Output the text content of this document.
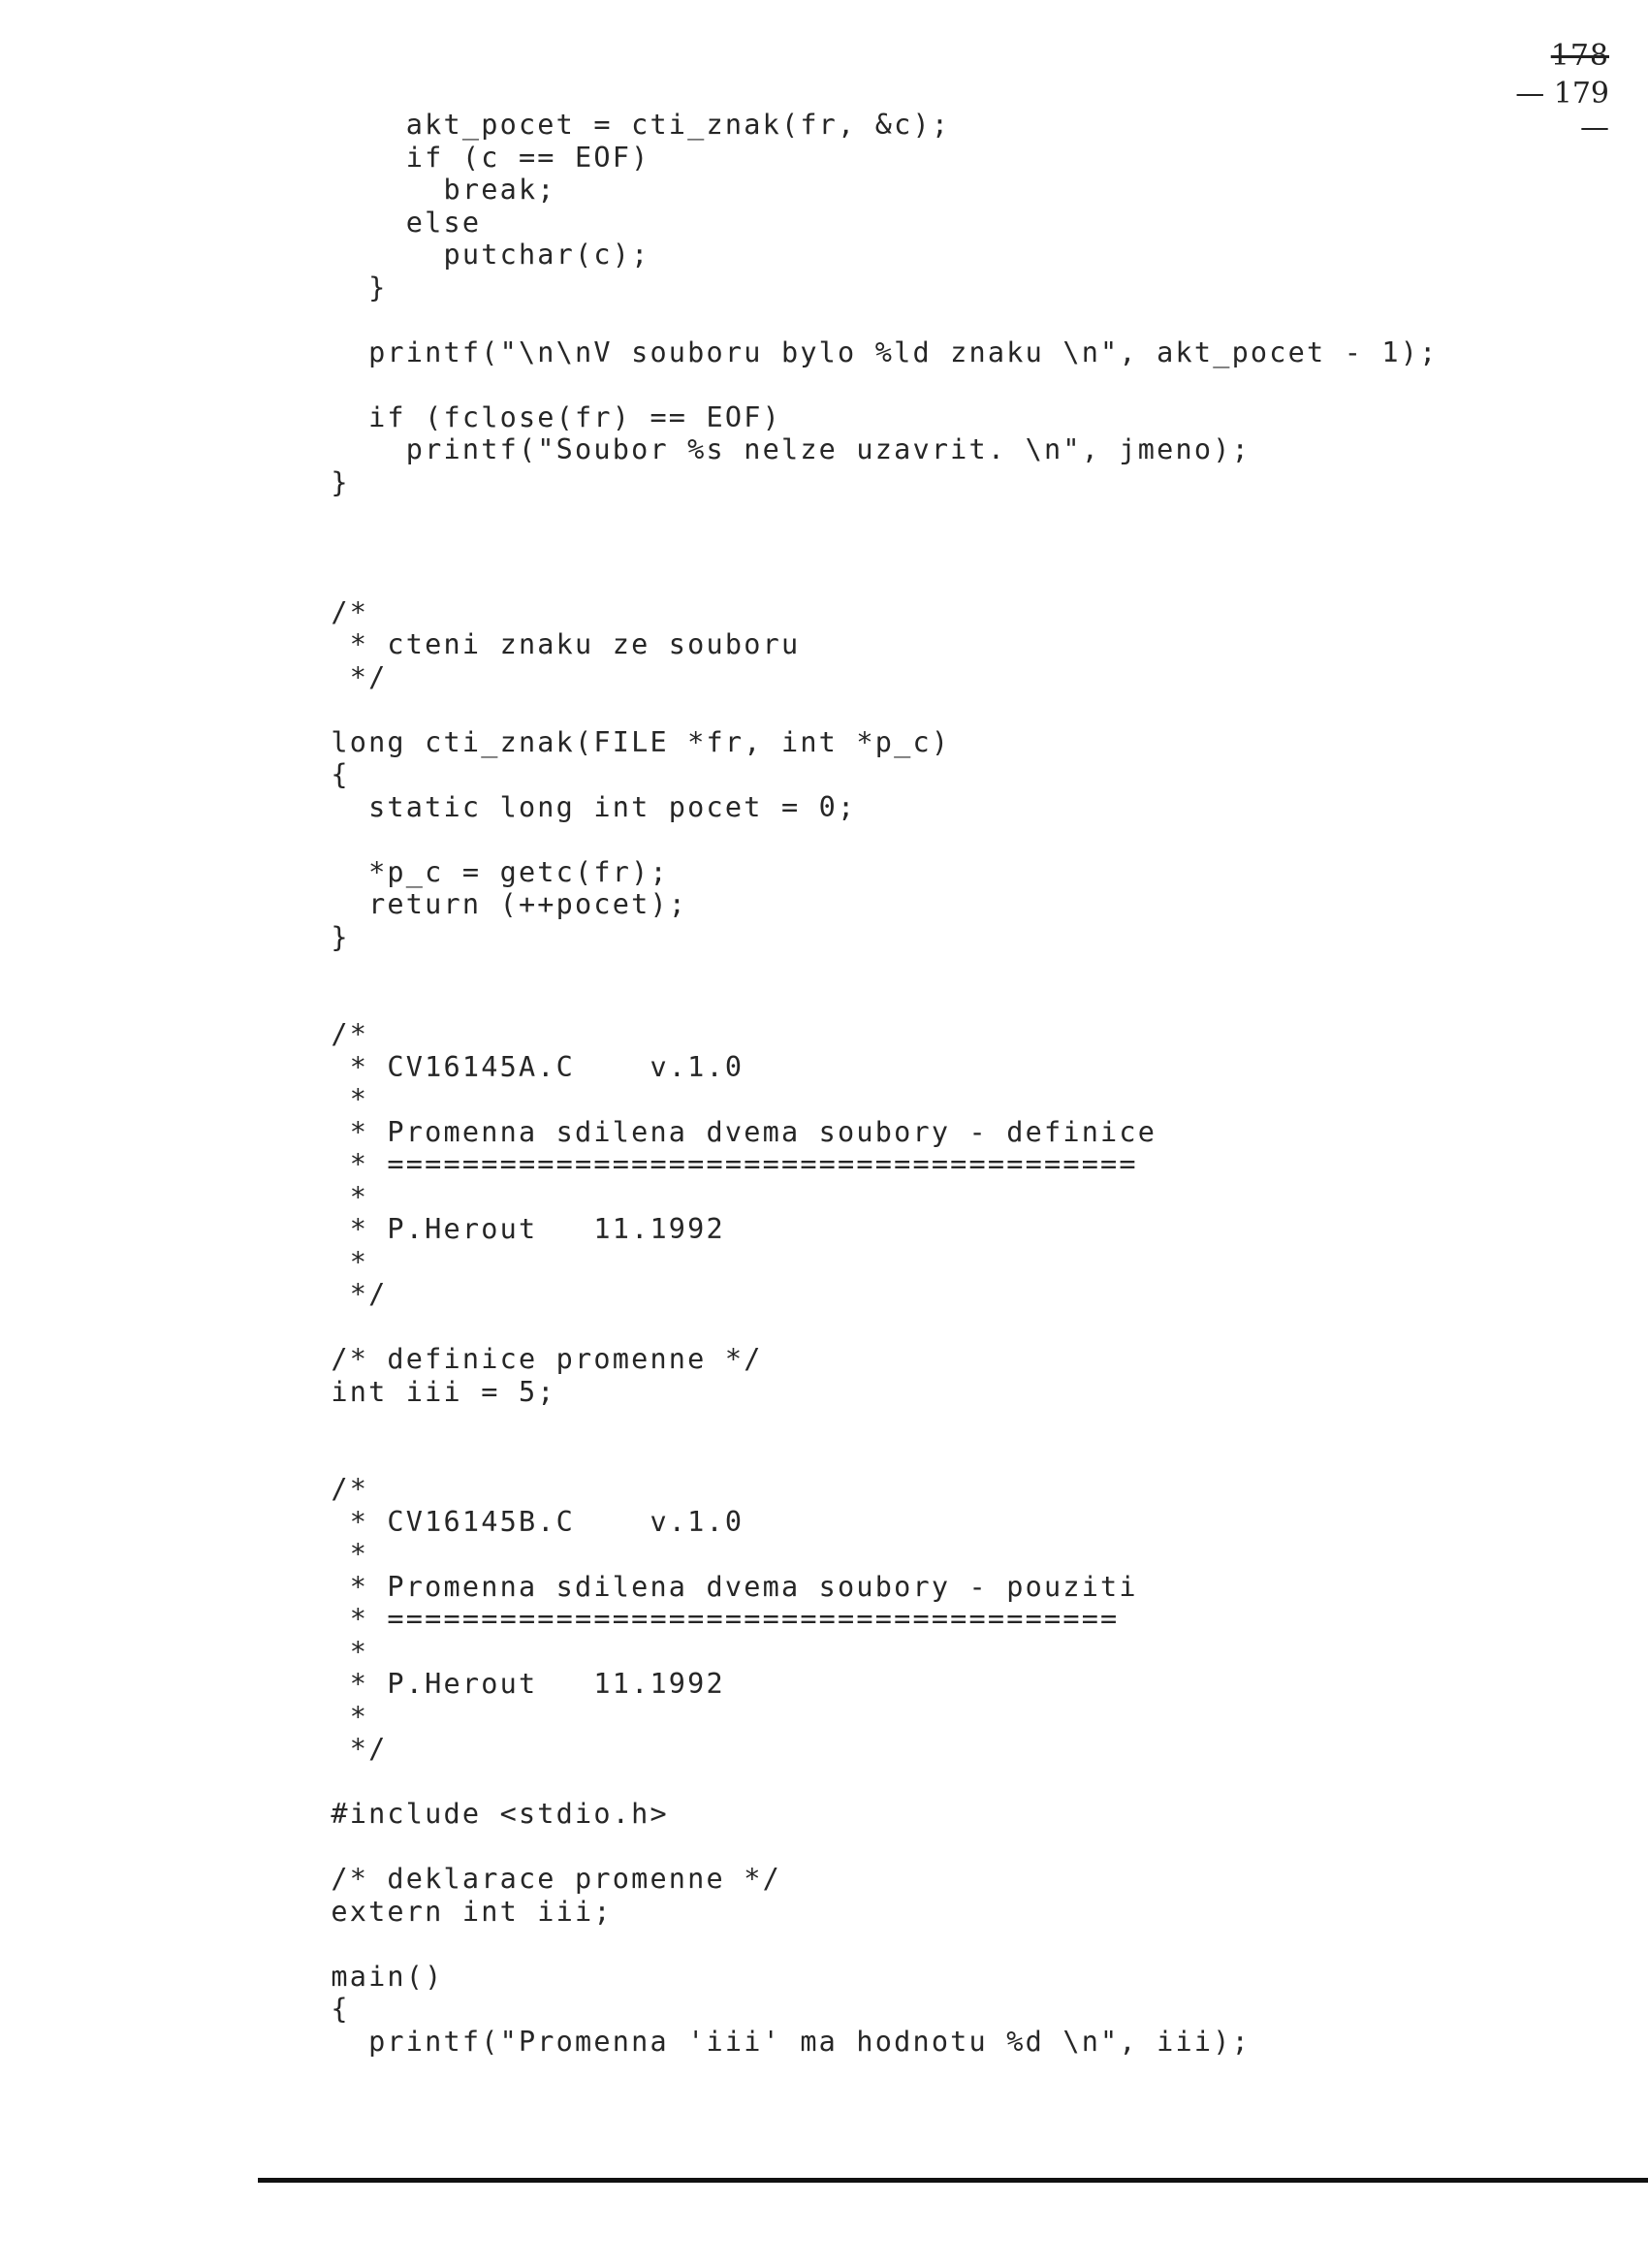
178
— 179 —
akt_pocet = cti_znak(fr, &c);
if (c == EOF)
break;
else
putchar(c);
}
printf("\n\nV souboru bylo %ld znaku \n", akt_pocet - 1);
if (fclose(fr) == EOF)
printf("Soubor %s nelze uzavrit. \n", jmeno);
}
/*
* cteni znaku ze souboru
*/
long cti_znak(FILE *fr, int *p_c)
{
static long int pocet = 0;
*p_c = getc(fr);
return (++pocet);
}
/*
* CV16145A.C    v.1.0
*
* Promenna sdilena dvema soubory - definice
* ========================================
*
* P.Herout   11.1992
*
*/
/* definice promenne */
int iii = 5;
/*
* CV16145B.C    v.1.0
*
* Promenna sdilena dvema soubory - pouziti
* =======================================
*
* P.Herout   11.1992
*
*/
#include <stdio.h>
/* deklarace promenne */
extern int iii;
main()
{
printf("Promenna 'iii' ma hodnotu %d \n", iii);
